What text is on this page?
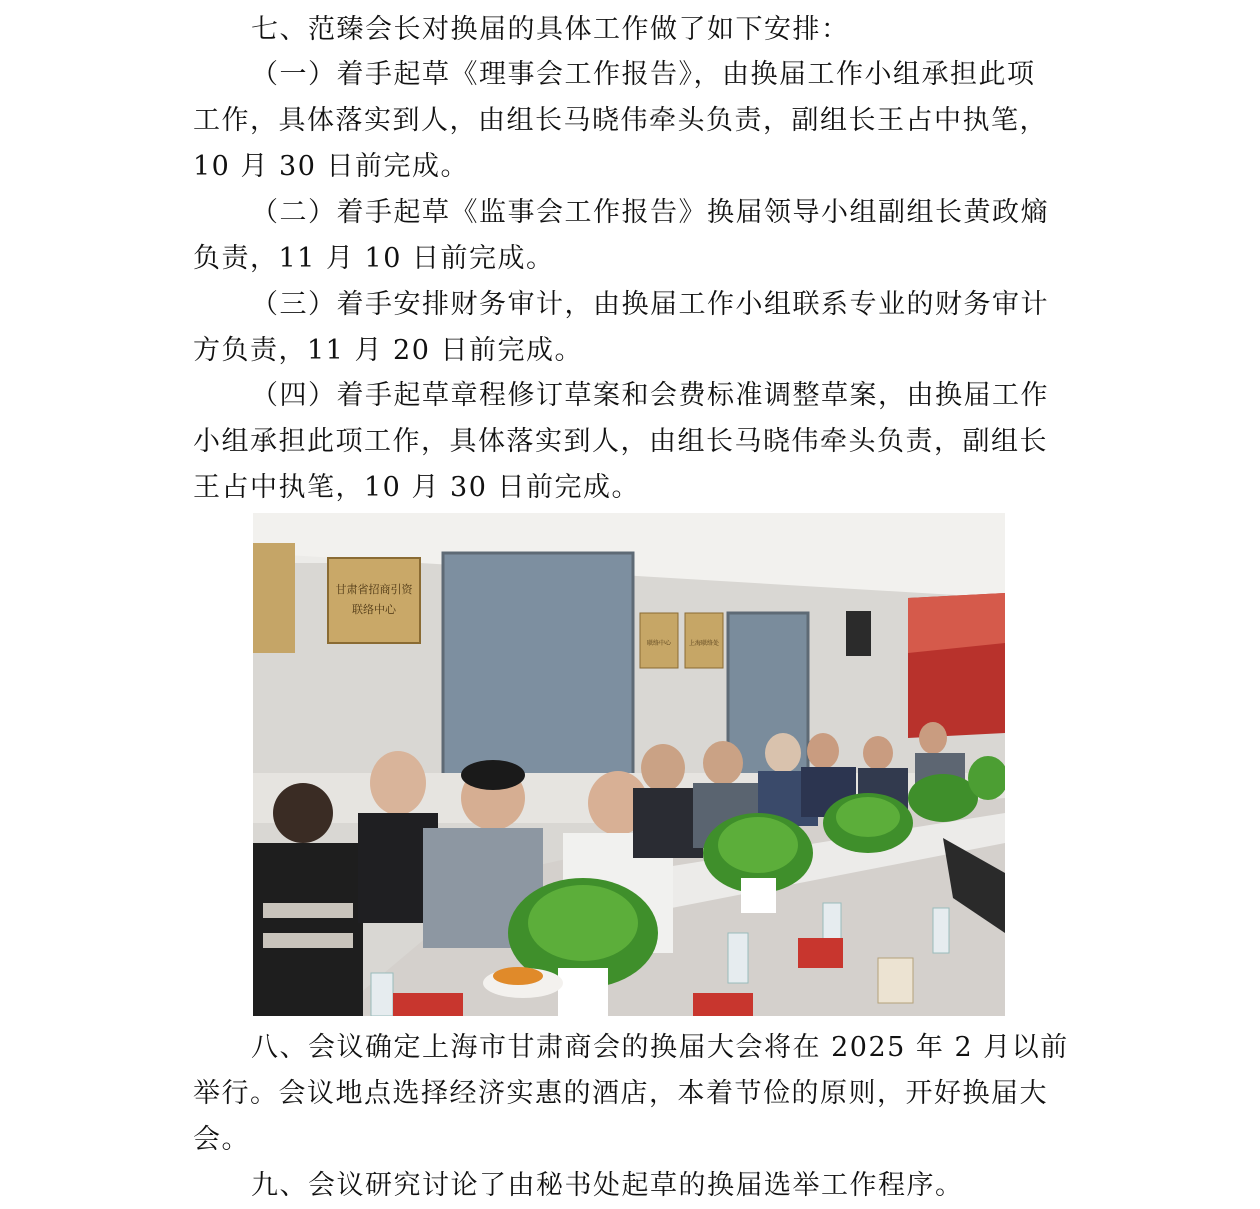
七、范臻会长对换届的具体工作做了如下安排：

（一）着手起草《理事会工作报告》，由换届工作小组承担此项
工作，具体落实到人，由组长马晓伟牵头负责，副组长王占中执笔，
10 月 30 日前完成。

（二）着手起草《监事会工作报告》换届领导小组副组长黄政熵
负责，11 月 10 日前完成。

（三）着手安排财务审计，由换届工作小组联系专业的财务审计
方负责，11 月 20 日前完成。

（四）着手起草章程修订草案和会费标准调整草案，由换届工作
小组承担此项工作，具体落实到人，由组长马晓伟牵头负责，副组长
王占中执笔，10 月 30 日前完成。

甘肃省招商引资
联络中心
联络中心	上海联络处

八、会议确定上海市甘肃商会的换届大会将在 2025 年 2 月以前
举行。会议地点选择经济实惠的酒店，本着节俭的原则，开好换届大
会。

九、会议研究讨论了由秘书处起草的换届选举工作程序。
